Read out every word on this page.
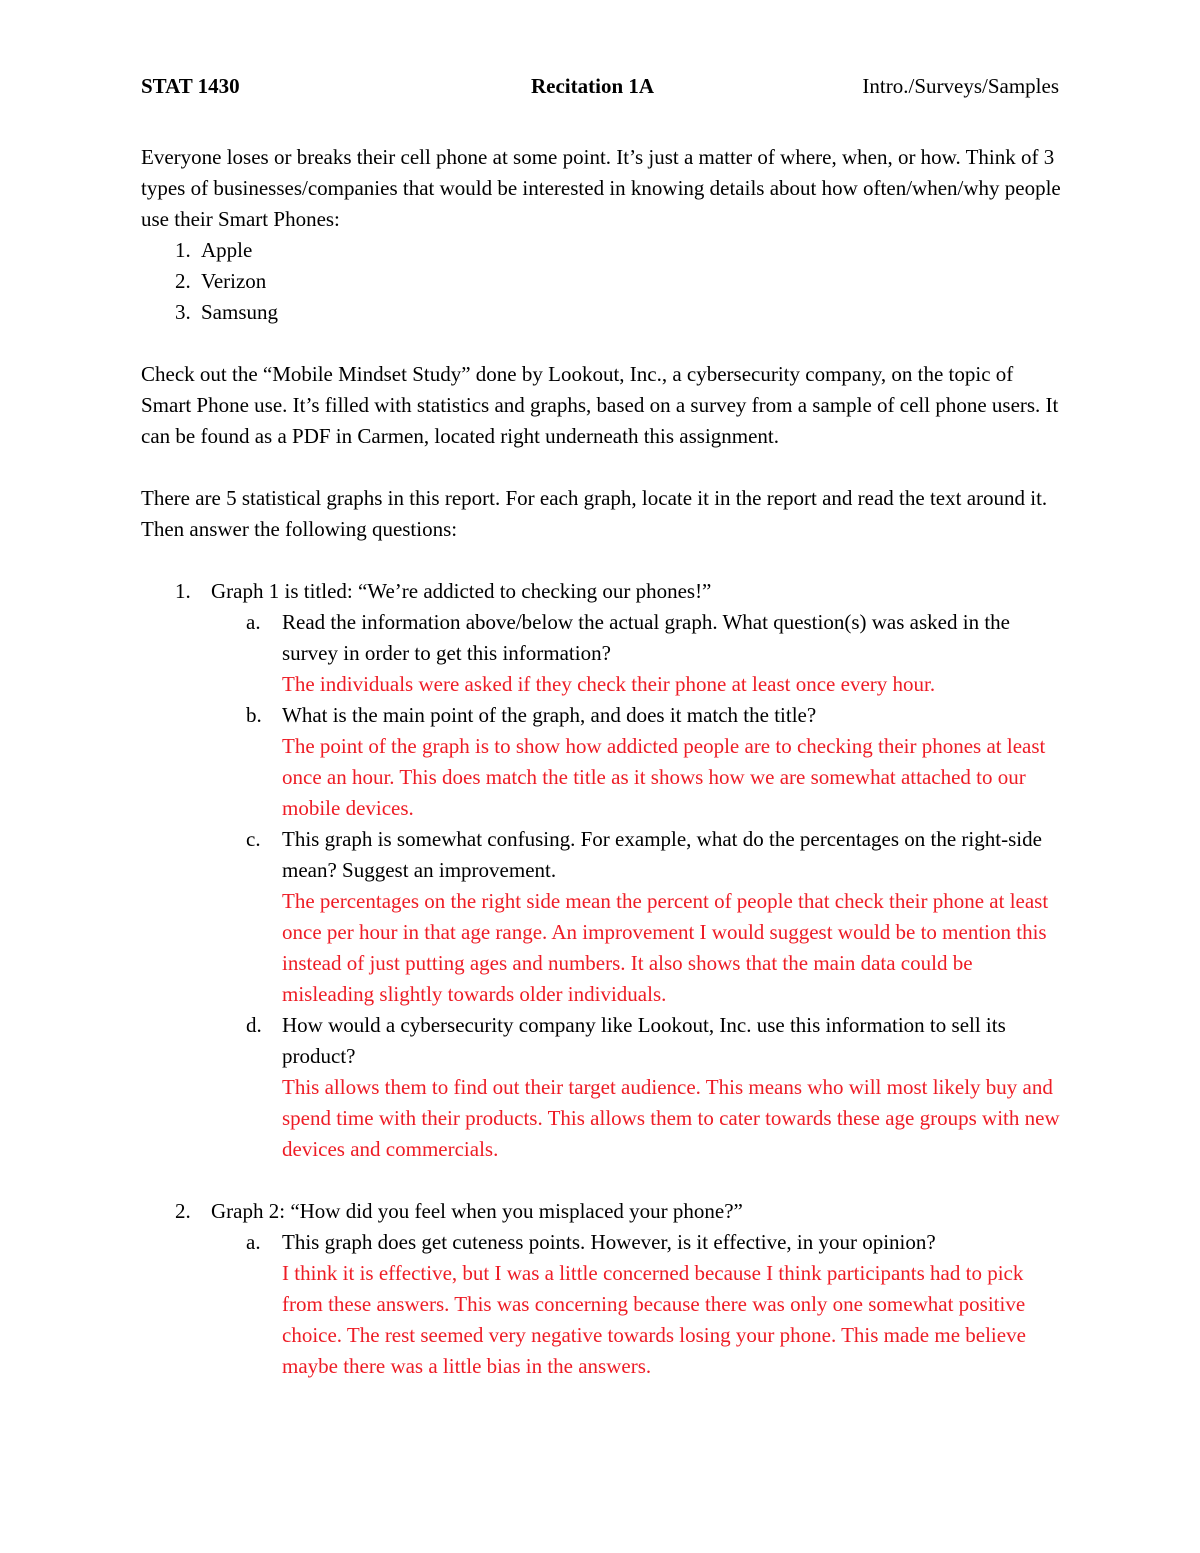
STAT 1430	Recitation 1A	Intro./Surveys/Samples

Everyone loses or breaks their cell phone at some point. It’s just a matter of where, when, or how. Think of 3 types of businesses/companies that would be interested in knowing details about how often/when/why people use their Smart Phones:

1. Apple
2. Verizon
3. Samsung

Check out the “Mobile Mindset Study” done by Lookout, Inc., a cybersecurity company, on the topic of Smart Phone use. It’s filled with statistics and graphs, based on a survey from a sample of cell phone users. It can be found as a PDF in Carmen, located right underneath this assignment.

There are 5 statistical graphs in this report. For each graph, locate it in the report and read the text around it. Then answer the following questions:

1. Graph 1 is titled: “We’re addicted to checking our phones!”
a. Read the information above/below the actual graph. What question(s) was asked in the survey in order to get this information?
The individuals were asked if they check their phone at least once every hour.
b. What is the main point of the graph, and does it match the title?
The point of the graph is to show how addicted people are to checking their phones at least once an hour. This does match the title as it shows how we are somewhat attached to our mobile devices.
c. This graph is somewhat confusing. For example, what do the percentages on the right-side mean? Suggest an improvement.
The percentages on the right side mean the percent of people that check their phone at least once per hour in that age range. An improvement I would suggest would be to mention this instead of just putting ages and numbers. It also shows that the main data could be misleading slightly towards older individuals.
d. How would a cybersecurity company like Lookout, Inc. use this information to sell its product?
This allows them to find out their target audience. This means who will most likely buy and spend time with their products. This allows them to cater towards these age groups with new devices and commercials.
2. Graph 2: “How did you feel when you misplaced your phone?”
a. This graph does get cuteness points. However, is it effective, in your opinion?
I think it is effective, but I was a little concerned because I think participants had to pick from these answers. This was concerning because there was only one somewhat positive choice. The rest seemed very negative towards losing your phone. This made me believe maybe there was a little bias in the answers.
